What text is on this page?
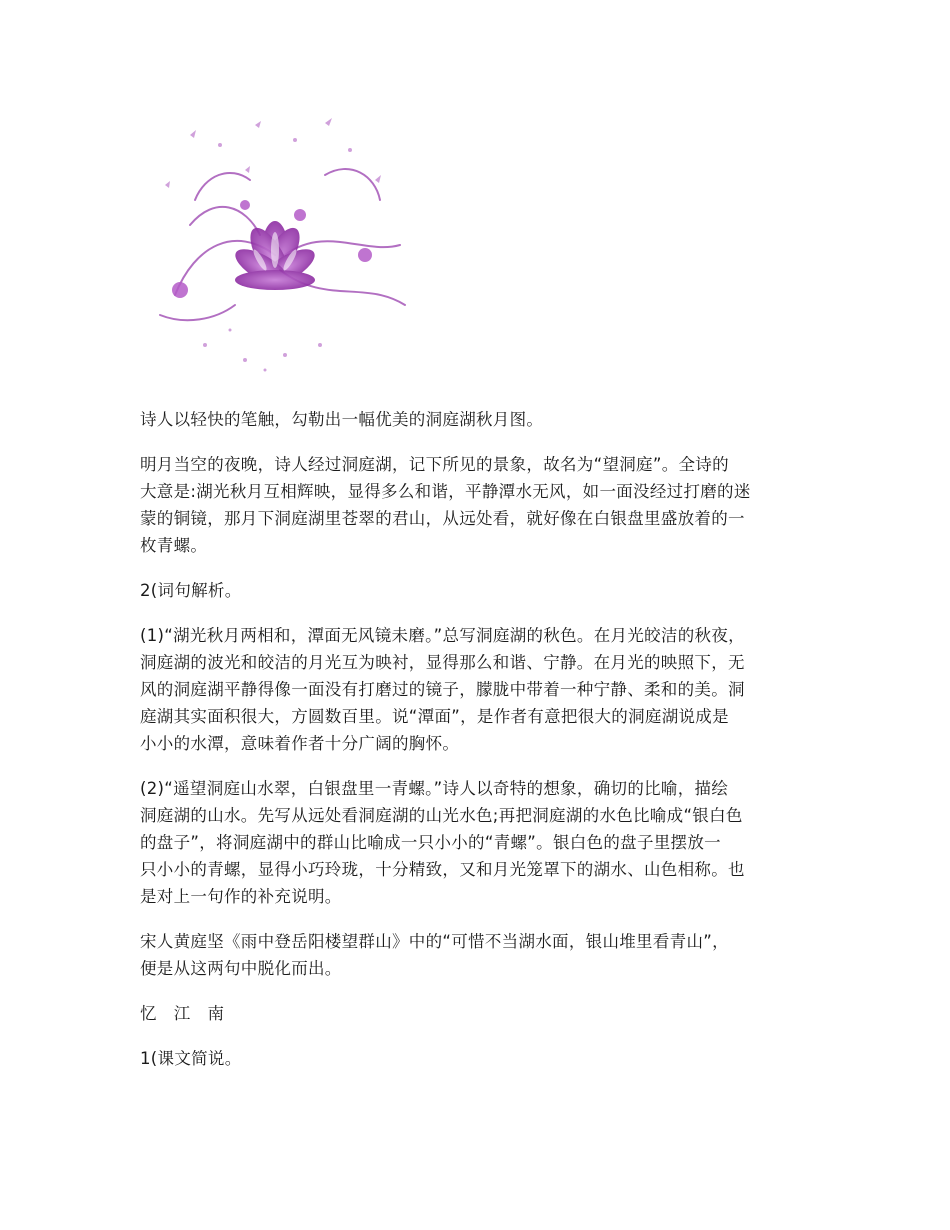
诗人以轻快的笔触，勾勒出一幅优美的洞庭湖秋月图。

明月当空的夜晚，诗人经过洞庭湖，记下所见的景象，故名为“望洞庭”。全诗的
大意是:湖光秋月互相辉映，显得多么和谐，平静潭水无风，如一面没经过打磨的迷
蒙的铜镜，那月下洞庭湖里苍翠的君山，从远处看，就好像在白银盘里盛放着的一
枚青螺。

2(词句解析。

(1)“湖光秋月两相和，潭面无风镜未磨。”总写洞庭湖的秋色。在月光皎洁的秋夜，
洞庭湖的波光和皎洁的月光互为映衬，显得那么和谐、宁静。在月光的映照下，无
风的洞庭湖平静得像一面没有打磨过的镜子，朦胧中带着一种宁静、柔和的美。洞
庭湖其实面积很大，方圆数百里。说“潭面”，是作者有意把很大的洞庭湖说成是
小小的水潭，意味着作者十分广阔的胸怀。

(2)“遥望洞庭山水翠，白银盘里一青螺。”诗人以奇特的想象，确切的比喻，描绘
洞庭湖的山水。先写从远处看洞庭湖的山光水色;再把洞庭湖的水色比喻成“银白色
的盘子”，将洞庭湖中的群山比喻成一只小小的“青螺”。银白色的盘子里摆放一
只小小的青螺，显得小巧玲珑，十分精致，又和月光笼罩下的湖水、山色相称。也
是对上一句作的补充说明。

宋人黄庭坚《雨中登岳阳楼望群山》中的“可惜不当湖水面，银山堆里看青山”，
便是从这两句中脱化而出。

忆 江 南

1(课文简说。
